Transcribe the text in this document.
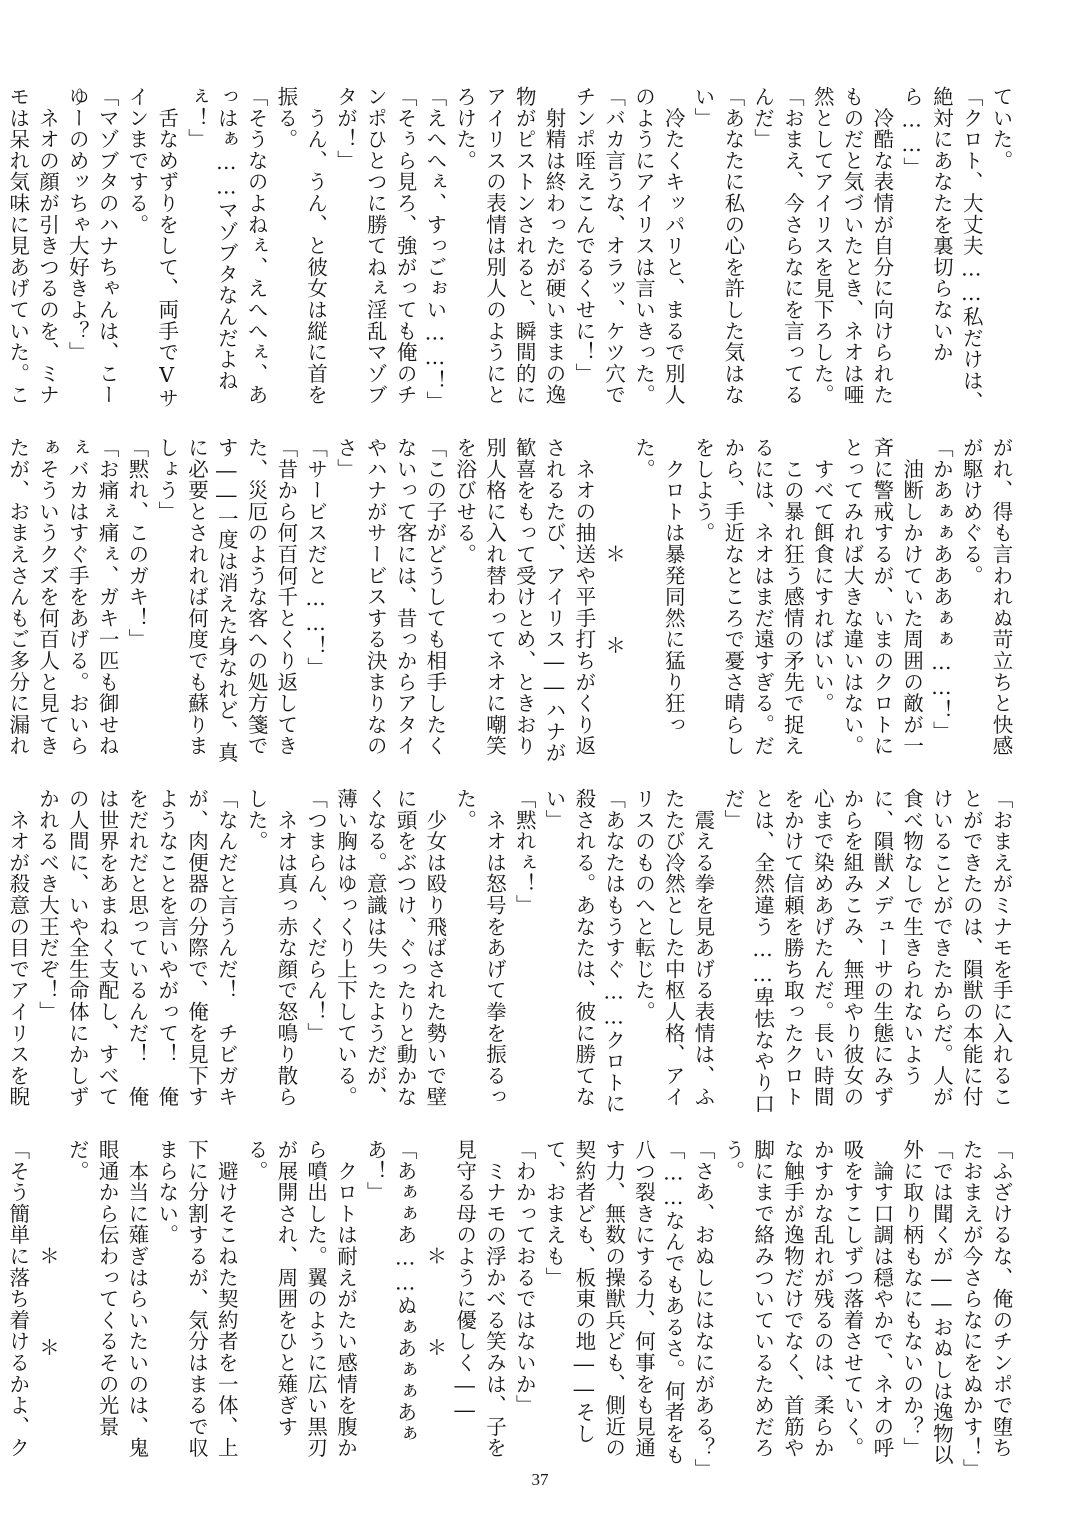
ていた。

「クロト、大丈夫……私だけは、絶対にあなたを裏切らないから……」

　冷酷な表情が自分に向けられたものだと気づいたとき、ネオは唖然としてアイリスを見下ろした。

「おまえ、今さらなにを言ってるんだ」

「あなたに私の心を許した気はない」

　冷たくキッパリと、まるで別人のようにアイリスは言いきった。

「バカ言うな、オラッ、ケツ穴でチンポ咥えこんでるくせに！」

　射精は終わったが硬いままの逸物がピストンされると、瞬間的にアイリスの表情は別人のようにとろけた。

「えへへぇ、すっごぉい……！」

「そぅら見ろ、強がっても俺のチンポひとつに勝てねぇ淫乱マゾブタが！」

　うん、うん、と彼女は縦に首を振る。

「そうなのよねぇ、えへへぇ、あっはぁ……マゾブタなんだよねぇ！」

　舌なめずりをして、両手でVサインまでする。

「マゾブタのハナちゃんは、こーゆーのめッちゃ大好きよ？」

　ネオの顔が引きつるのを、ミナモは呆れ気味に見あげていた。こ

がれ、得も言われぬ苛立ちと快感が駆けめぐる。

「かあぁぁあああぁぁ……！」

　油断しかけていた周囲の敵が一斉に警戒するが、いまのクロトにとってみれば大きな違いはない。

　すべて餌食にすればいい。

　この暴れ狂う感情の矛先で捉えるには、ネオはまだ遠すぎる。だから、手近なところで憂さ晴らしをしよう。

　クロトは暴発同然に猛り狂った。

＊　　＊

　ネオの抽送や平手打ちがくり返されるたび、アイリス――ハナが歓喜をもって受けとめ、ときおり別人格に入れ替わってネオに嘲笑を浴びせる。

「この子がどうしても相手したくないって客には、昔っからアタイやハナがサービスする決まりなのさ」

「サービスだと……！」

「昔から何百何千とくり返してきた、災厄のような客への処方箋です――一度は消えた身なれど、真に必要とされれば何度でも蘇りましょう」

「黙れ、このガキ！」

「お痛ぇ痛ぇ、ガキ一匹も御せねぇバカはすぐ手をあげる。おいらぁそういうクズを何百人と見てきたが、おまえさんもご多分に漏れ

「おまえがミナモを手に入れることができたのは、隕獣の本能に付けいることができたからだ。人が食べ物なしで生きられないように、隕獣メデューサの生態にみずからを組みこみ、無理やり彼女の心まで染めあげたんだ。長い時間をかけて信頼を勝ち取ったクロトとは、全然違う……卑怯なやり口だ」

　震える拳を見あげる表情は、ふたたび冷然とした中枢人格、アイリスのものへと転じた。

「あなたはもうすぐ……クロトに殺される。あなたは、彼に勝てない」

「黙れぇ！」

　ネオは怒号をあげて拳を振るった。

　少女は殴り飛ばされた勢いで壁に頭をぶつけ、ぐったりと動かなくなる。意識は失ったようだが、薄い胸はゆっくり上下している。

「つまらん、くだらん！」

　ネオは真っ赤な顔で怒鳴り散らした。

「なんだと言うんだ！　チビガキが、肉便器の分際で、俺を見下すようなことを言いやがって！　俺をだれだと思っているんだ！　俺は世界をあまねく支配し、すべての人間に、いや全生命体にかしずかれるべき大王だぞ！」

　ネオが殺意の目でアイリスを睨

「ふざけるな、俺のチンポで堕ちたおまえが今さらなにをぬかす！」

「では聞くが――おぬしは逸物以外に取り柄もなにもないのか？」

　論す口調は穏やかで、ネオの呼吸をすこしずつ落着させていく。かすかな乱れが残るのは、柔らかな触手が逸物だけでなく、首筋や脚にまで絡みついているためだろう。

「さあ、おぬしにはなにがある？」

「……なんでもあるさ。何者をも八つ裂きにする力、何事をも見通す力、無数の操獣兵ども、側近の契約者ども、板東の地――そして、おまえも」

「わかっておるではないか」

　ミナモの浮かべる笑みは、子を見守る母のように優しく――

＊　　＊

「あぁぁあ……ぬぁあぁぁあぁあ！」

　クロトは耐えがたい感情を腹から噴出した。翼のように広い黒刃が展開され、周囲をひと薙ぎする。

　避けそこねた契約者を一体、上下に分割するが、気分はまるで収まらない。

　本当に薙ぎはらいたいのは、鬼眼通から伝わってくるその光景だ。

＊　　＊

「そう簡単に落ち着けるかよ、ク

37
